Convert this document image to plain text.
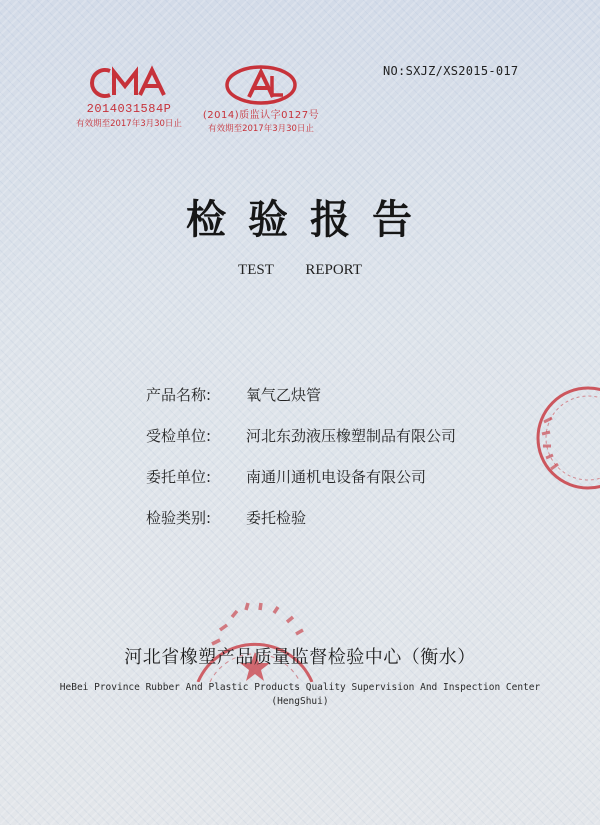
NO:SXJZ/XS2015-017
2014031584P
有效期至2017年3月30日止
(2014)质监认字0127号
有效期至2017年3月30日止
检验报告
TEST REPORT
产品名称: 氧气乙炔管
受检单位: 河北东劲液压橡塑制品有限公司
委托单位: 南通川通机电设备有限公司
检验类别: 委托检验
河北省橡塑产品质量监督检验中心（衡水）
HeBei Province Rubber And Plastic Products Quality Supervision And Inspection Center
(HengShui)
